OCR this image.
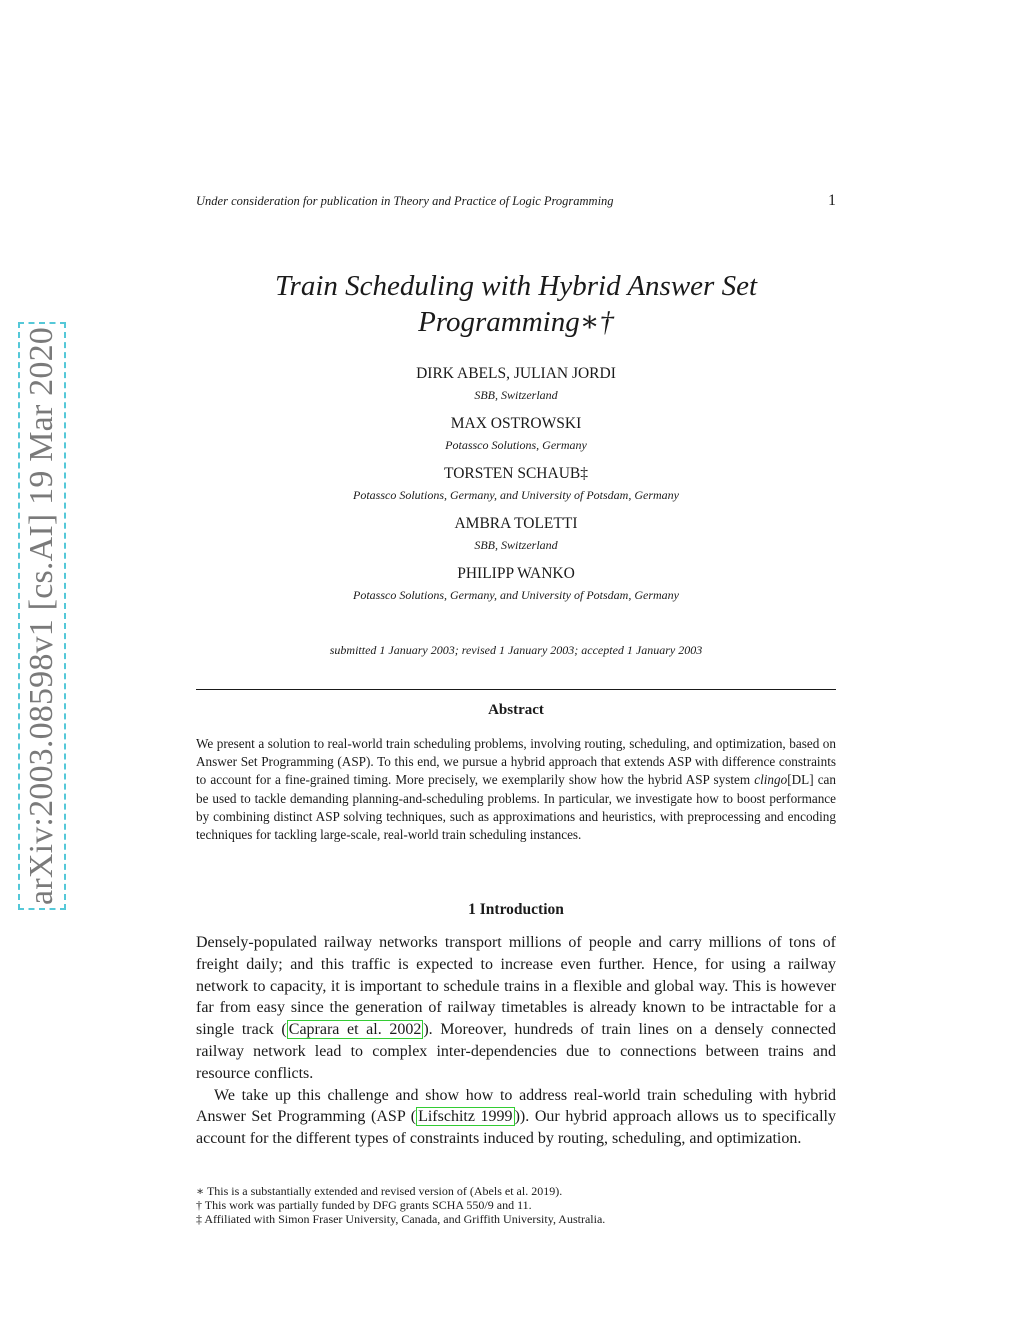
arXiv:2003.08598v1 [cs.AI] 19 Mar 2020
Under consideration for publication in Theory and Practice of Logic Programming	1
Train Scheduling with Hybrid Answer Set
Programming∗†
DIRK ABELS, JULIAN JORDI
SBB, Switzerland
MAX OSTROWSKI
Potassco Solutions, Germany
TORSTEN SCHAUB‡
Potassco Solutions, Germany, and University of Potsdam, Germany
AMBRA TOLETTI
SBB, Switzerland
PHILIPP WANKO
Potassco Solutions, Germany, and University of Potsdam, Germany
submitted 1 January 2003; revised 1 January 2003; accepted 1 January 2003
Abstract

We present a solution to real-world train scheduling problems, involving routing, scheduling, and optimization, based on Answer Set Programming (ASP). To this end, we pursue a hybrid approach that extends ASP with difference constraints to account for a fine-grained timing. More precisely, we exemplarily show how the hybrid ASP system clingo[DL] can be used to tackle demanding planning-and-scheduling problems. In particular, we investigate how to boost performance by combining distinct ASP solving techniques, such as approximations and heuristics, with preprocessing and encoding techniques for tackling large-scale, real-world train scheduling instances.

1 Introduction

Densely-populated railway networks transport millions of people and carry millions of tons of freight daily; and this traffic is expected to increase even further. Hence, for using a railway network to capacity, it is important to schedule trains in a flexible and global way. This is however far from easy since the generation of railway timetables is already known to be intractable for a single track ( Caprara et al. 2002 ). Moreover, hundreds of train lines on a densely connected railway network lead to complex inter-dependencies due to connections between trains and resource conflicts.

We take up this challenge and show how to address real-world train scheduling with hybrid Answer Set Programming (ASP ( Lifschitz 1999 )). Our hybrid approach allows us to specifically account for the different types of constraints induced by routing, scheduling, and optimization.

∗ This is a substantially extended and revised version of (Abels et al. 2019).
† This work was partially funded by DFG grants SCHA 550/9 and 11.
‡ Affiliated with Simon Fraser University, Canada, and Griffith University, Australia.
